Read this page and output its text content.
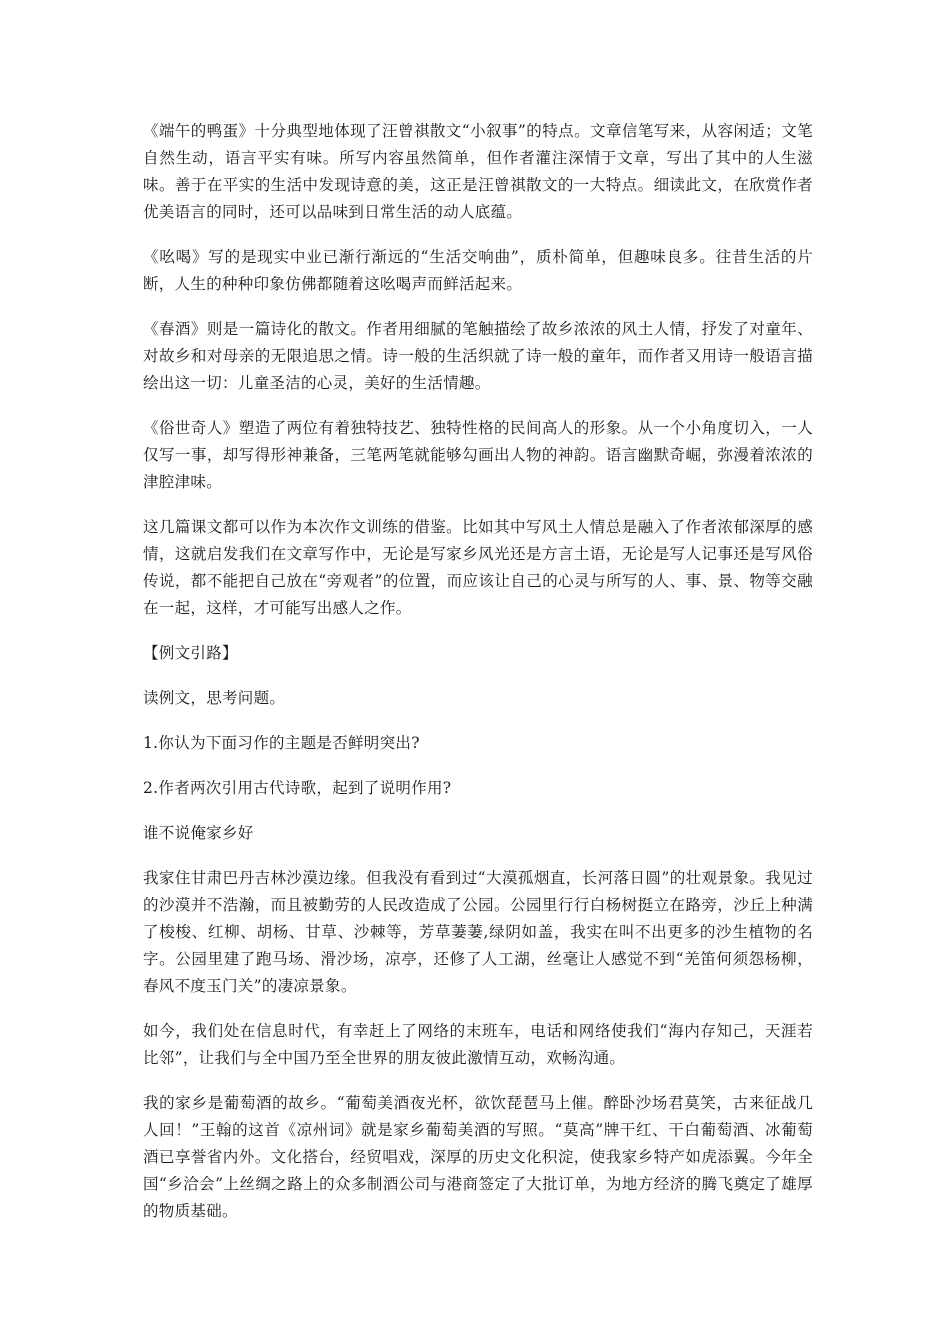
《端午的鸭蛋》十分典型地体现了汪曾祺散文“小叙事”的特点。文章信笔写来，从容闲适；文笔自然生动，语言平实有味。所写内容虽然简单，但作者灌注深情于文章，写出了其中的人生滋味。善于在平实的生活中发现诗意的美，这正是汪曾祺散文的一大特点。细读此文，在欣赏作者优美语言的同时，还可以品味到日常生活的动人底蕴。

《吆喝》写的是现实中业已渐行渐远的“生活交响曲”，质朴简单，但趣味良多。往昔生活的片断，人生的种种印象仿佛都随着这吆喝声而鲜活起来。

《春酒》则是一篇诗化的散文。作者用细腻的笔触描绘了故乡浓浓的风土人情，抒发了对童年、对故乡和对母亲的无限追思之情。诗一般的生活织就了诗一般的童年，而作者又用诗一般语言描绘出这一切：儿童圣洁的心灵，美好的生活情趣。

《俗世奇人》塑造了两位有着独特技艺、独特性格的民间高人的形象。从一个小角度切入，一人仅写一事，却写得形神兼备，三笔两笔就能够勾画出人物的神韵。语言幽默奇崛，弥漫着浓浓的津腔津味。

这几篇课文都可以作为本次作文训练的借鉴。比如其中写风土人情总是融入了作者浓郁深厚的感情，这就启发我们在文章写作中，无论是写家乡风光还是方言土语，无论是写人记事还是写风俗传说，都不能把自己放在“旁观者”的位置，而应该让自己的心灵与所写的人、事、景、物等交融在一起，这样，才可能写出感人之作。

【例文引路】

读例文，思考问题。

1.你认为下面习作的主题是否鲜明突出?

2.作者两次引用古代诗歌，起到了说明作用?

谁不说俺家乡好

我家住甘肃巴丹吉林沙漠边缘。但我没有看到过“大漠孤烟直，长河落日圆”的壮观景象。我见过的沙漠并不浩瀚，而且被勤劳的人民改造成了公园。公园里行行白杨树挺立在路旁，沙丘上种满了梭梭、红柳、胡杨、甘草、沙棘等，芳草萋萋,绿阴如盖，我实在叫不出更多的沙生植物的名字。公园里建了跑马场、滑沙场，凉亭，还修了人工湖，丝毫让人感觉不到“羌笛何须怨杨柳，春风不度玉门关”的凄凉景象。

如今，我们处在信息时代，有幸赶上了网络的末班车，电话和网络使我们“海内存知己，天涯若比邻”，让我们与全中国乃至全世界的朋友彼此激情互动，欢畅沟通。

我的家乡是葡萄酒的故乡。“葡萄美酒夜光杯，欲饮琵琶马上催。醉卧沙场君莫笑，古来征战几人回！”王翰的这首《凉州词》就是家乡葡萄美酒的写照。“莫高”牌干红、干白葡萄酒、冰葡萄酒已享誉省内外。文化搭台，经贸唱戏，深厚的历史文化积淀，使我家乡特产如虎添翼。今年全国“乡洽会”上丝绸之路上的众多制酒公司与港商签定了大批订单，为地方经济的腾飞奠定了雄厚的物质基础。
